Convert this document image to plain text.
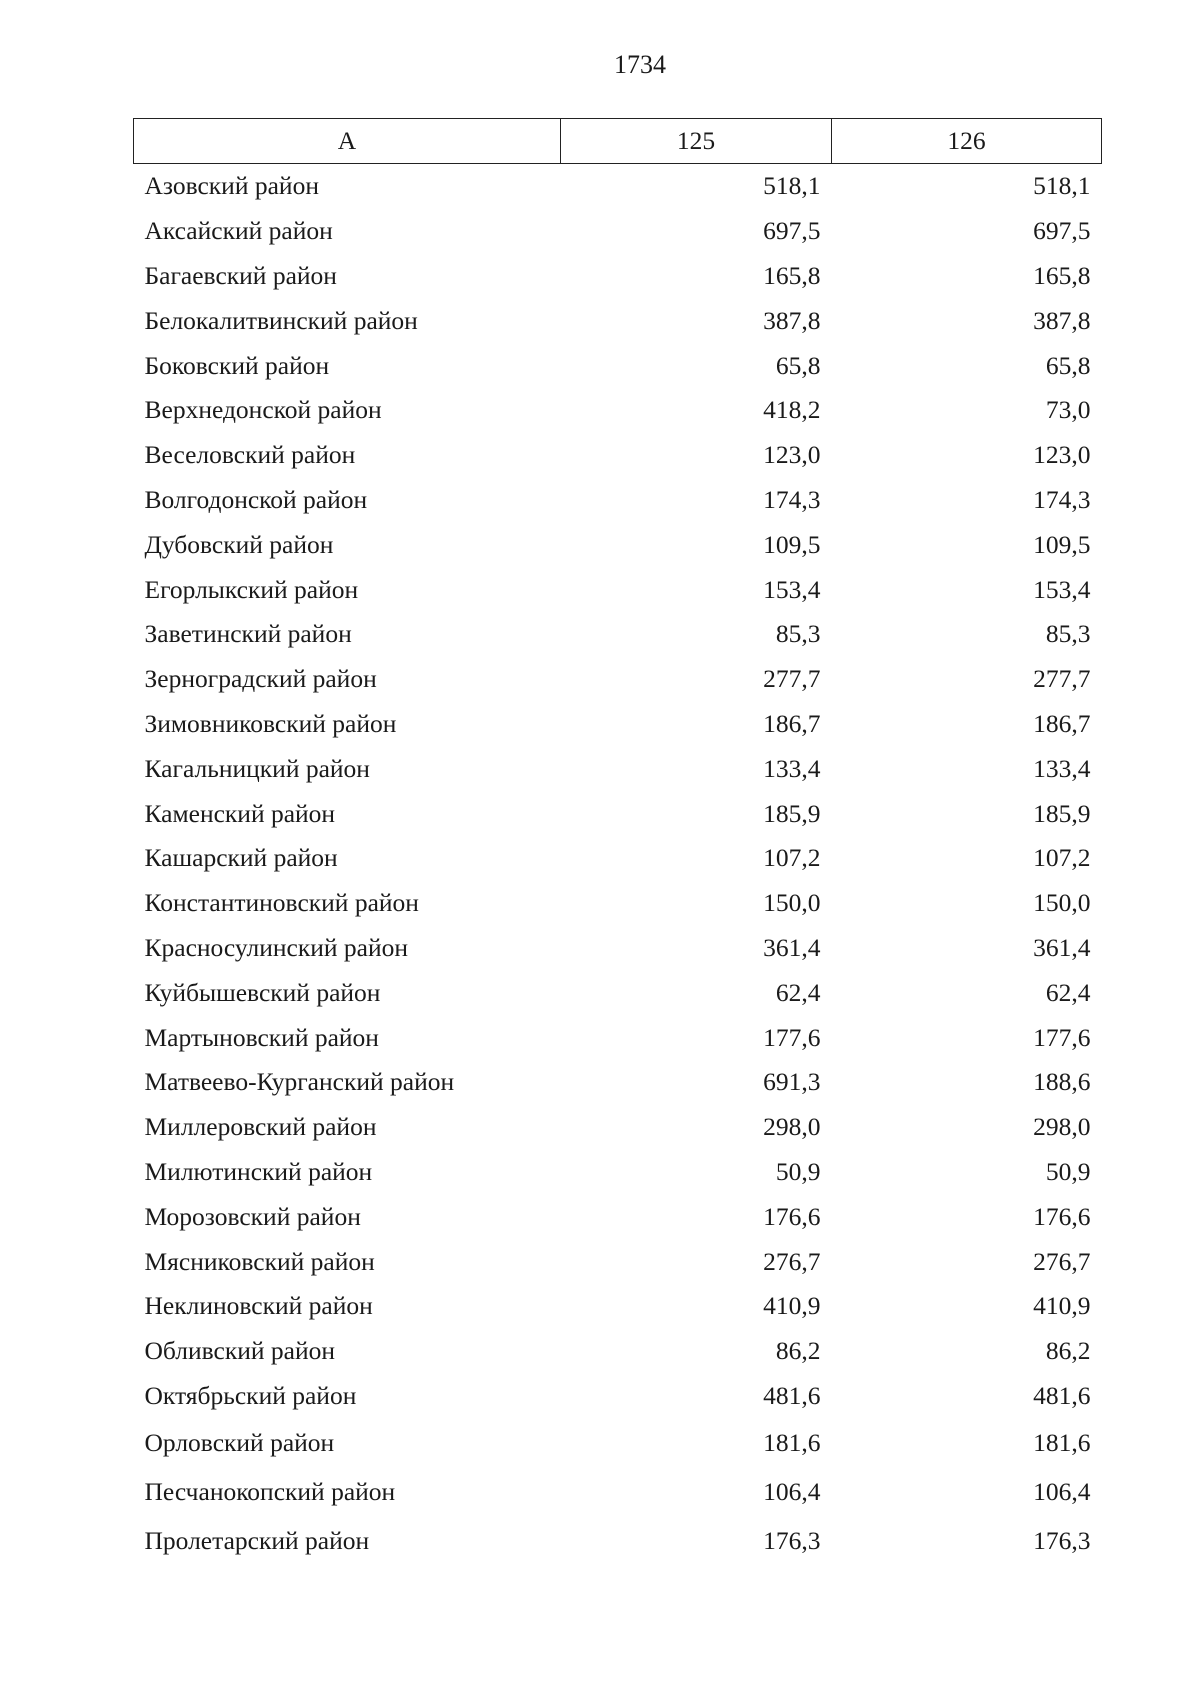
1734
А	125	126
Азовский район	518,1	518,1
Аксайский район	697,5	697,5
Багаевский район	165,8	165,8
Белокалитвинский район	387,8	387,8
Боковский район	65,8	65,8
Верхнедонской район	418,2	73,0
Веселовский район	123,0	123,0
Волгодонской район	174,3	174,3
Дубовский район	109,5	109,5
Егорлыкский район	153,4	153,4
Заветинский район	85,3	85,3
Зерноградский район	277,7	277,7
Зимовниковский район	186,7	186,7
Кагальницкий район	133,4	133,4
Каменский район	185,9	185,9
Кашарский район	107,2	107,2
Константиновский район	150,0	150,0
Красносулинский район	361,4	361,4
Куйбышевский район	62,4	62,4
Мартыновский район	177,6	177,6
Матвеево-Курганский район	691,3	188,6
Миллеровский район	298,0	298,0
Милютинский район	50,9	50,9
Морозовский район	176,6	176,6
Мясниковский район	276,7	276,7
Неклиновский район	410,9	410,9
Обливский район	86,2	86,2
Октябрьский район	481,6	481,6
Орловский район	181,6	181,6
Песчанокопский район	106,4	106,4
Пролетарский район	176,3	176,3
